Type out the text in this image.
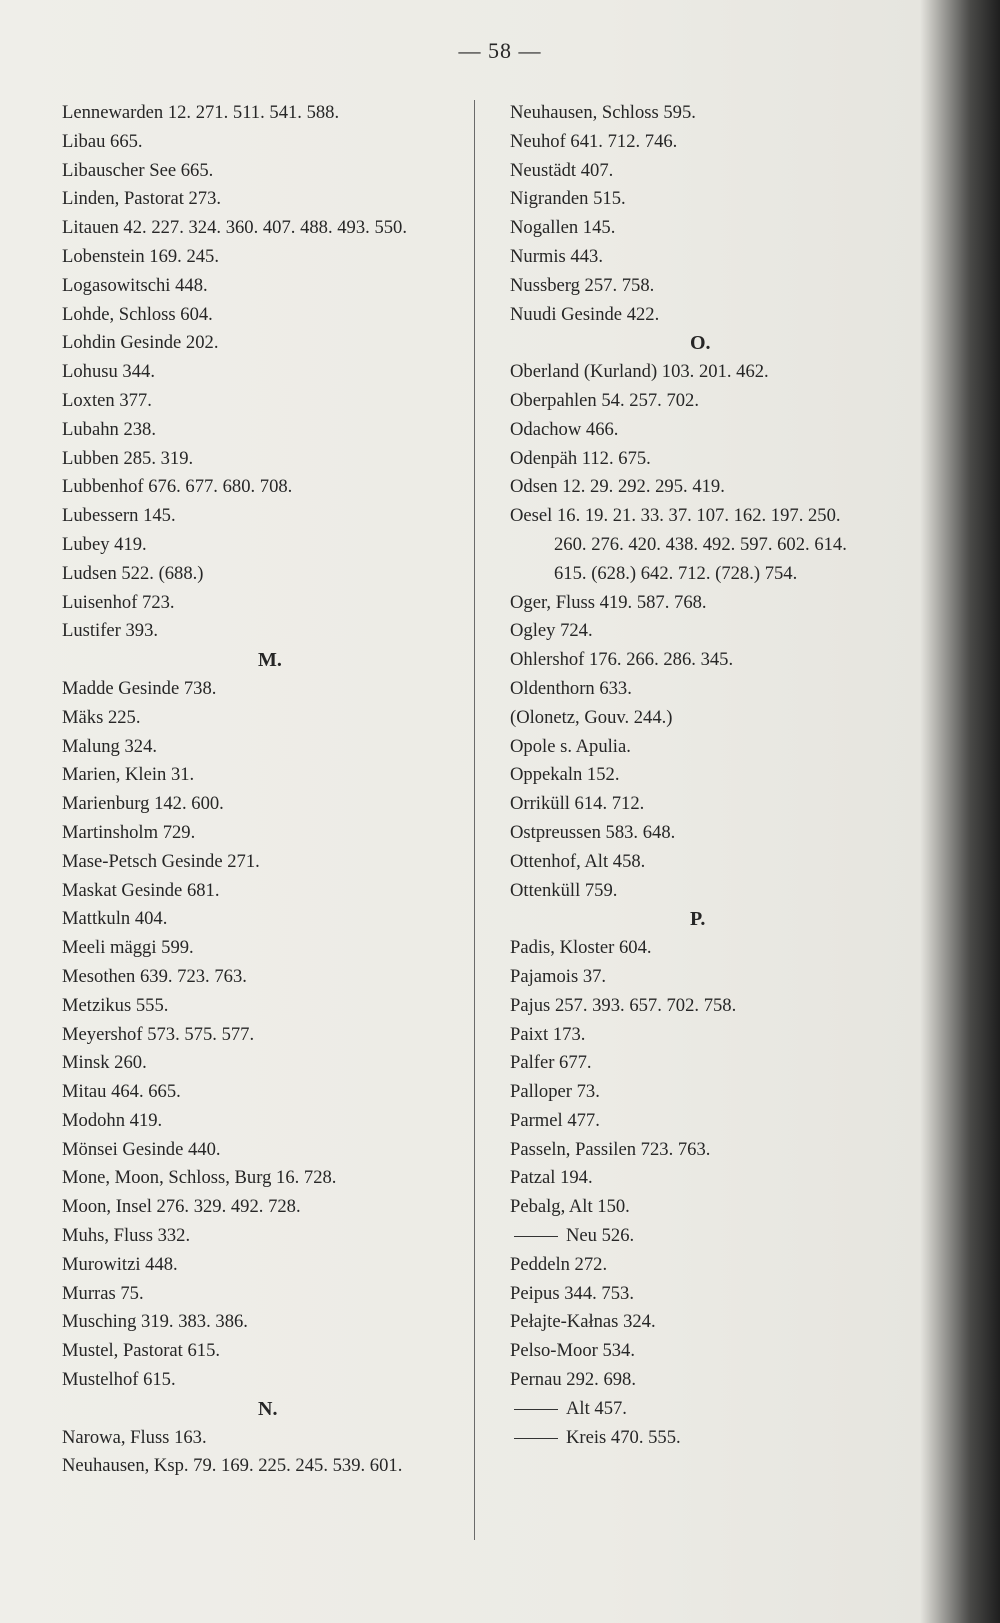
— 58 —
Lennewarden 12. 271. 511. 541. 588.
Libau 665.
Libauscher See 665.
Linden, Pastorat 273.
Litauen 42. 227. 324. 360. 407. 488. 493. 550.
Lobenstein 169. 245.
Logasowitschi 448.
Lohde, Schloss 604.
Lohdin Gesinde 202.
Lohusu 344.
Loxten 377.
Lubahn 238.
Lubben 285. 319.
Lubbenhof 676. 677. 680. 708.
Lubessern 145.
Lubey 419.
Ludsen 522. (688.)
Luisenhof 723.
Lustifer 393.
M.
Madde Gesinde 738.
Mäks 225.
Malung 324.
Marien, Klein 31.
Marienburg 142. 600.
Martinsholm 729.
Mase-Petsch Gesinde 271.
Maskat Gesinde 681.
Mattkuln 404.
Meeli mäggi 599.
Mesothen 639. 723. 763.
Metzikus 555.
Meyershof 573. 575. 577.
Minsk 260.
Mitau 464. 665.
Modohn 419.
Mönsei Gesinde 440.
Mone, Moon, Schloss, Burg 16. 728.
Moon, Insel 276. 329. 492. 728.
Muhs, Fluss 332.
Murowitzi 448.
Murras 75.
Musching 319. 383. 386.
Mustel, Pastorat 615.
Mustelhof 615.
N.
Narowa, Fluss 163.
Neuhausen, Ksp. 79. 169. 225. 245. 539. 601.
Neuhausen, Schloss 595.
Neuhof 641. 712. 746.
Neustädt 407.
Nigranden 515.
Nogallen 145.
Nurmis 443.
Nussberg 257. 758.
Nuudi Gesinde 422.
O.
Oberland (Kurland) 103. 201. 462.
Oberpahlen 54. 257. 702.
Odachow 466.
Odenpäh 112. 675.
Odsen 12. 29. 292. 295. 419.
Oesel 16. 19. 21. 33. 37. 107. 162. 197. 250.
260. 276. 420. 438. 492. 597. 602. 614.
615. (628.) 642. 712. (728.) 754.
Oger, Fluss 419. 587. 768.
Ogley 724.
Ohlershof 176. 266. 286. 345.
Oldenthorn 633.
(Olonetz, Gouv. 244.)
Opole s. Apulia.
Oppekaln 152.
Orriküll 614. 712.
Ostpreussen 583. 648.
Ottenhof, Alt 458.
Ottenküll 759.
P.
Padis, Kloster 604.
Pajamois 37.
Pajus 257. 393. 657. 702. 758.
Paixt 173.
Palfer 677.
Palloper 73.
Parmel 477.
Passeln, Passilen 723. 763.
Patzal 194.
Pebalg, Alt 150.
Neu 526.
Peddeln 272.
Peipus 344. 753.
Pełajte-Kałnas 324.
Pelso-Moor 534.
Pernau 292. 698.
Alt 457.
Kreis 470. 555.
